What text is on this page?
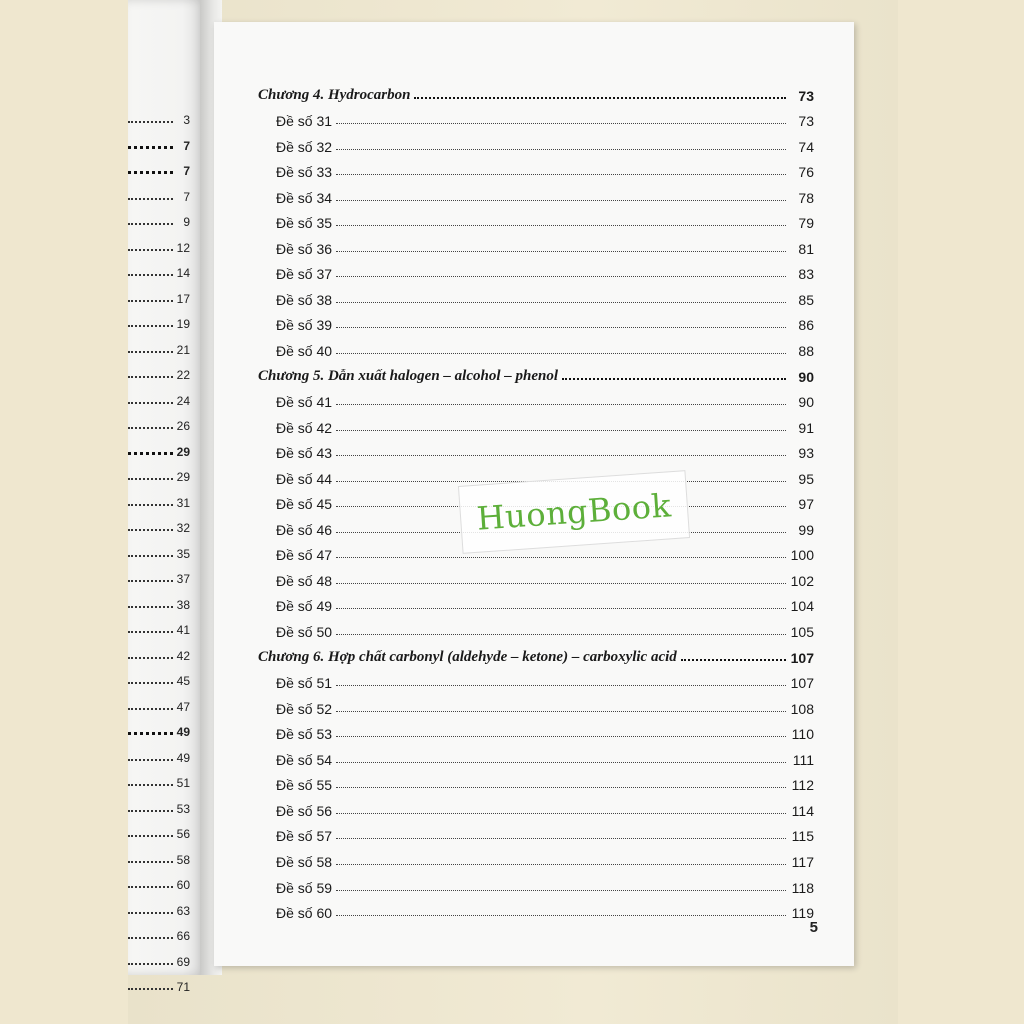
3
7
7
7
9
12
14
17
19
21
22
24
26
29
29
31
32
35
37
38
41
42
45
47
49
49
51
53
56
58
60
63
66
69
71
Chương 4. Hydrocarbon	73
Đề số 31	73
Đề số 32	74
Đề số 33	76
Đề số 34	78
Đề số 35	79
Đề số 36	81
Đề số 37	83
Đề số 38	85
Đề số 39	86
Đề số 40	88
Chương 5. Dẫn xuất halogen – alcohol – phenol	90
Đề số 41	90
Đề số 42	91
Đề số 43	93
Đề số 44	95
Đề số 45	97
Đề số 46	99
Đề số 47	100
Đề số 48	102
Đề số 49	104
Đề số 50	105
Chương 6. Hợp chất carbonyl (aldehyde – ketone) – carboxylic acid	107
Đề số 51	107
Đề số 52	108
Đề số 53	110
Đề số 54	111
Đề số 55	112
Đề số 56	114
Đề số 57	115
Đề số 58	117
Đề số 59	118
Đề số 60	119
5
HuongBook
